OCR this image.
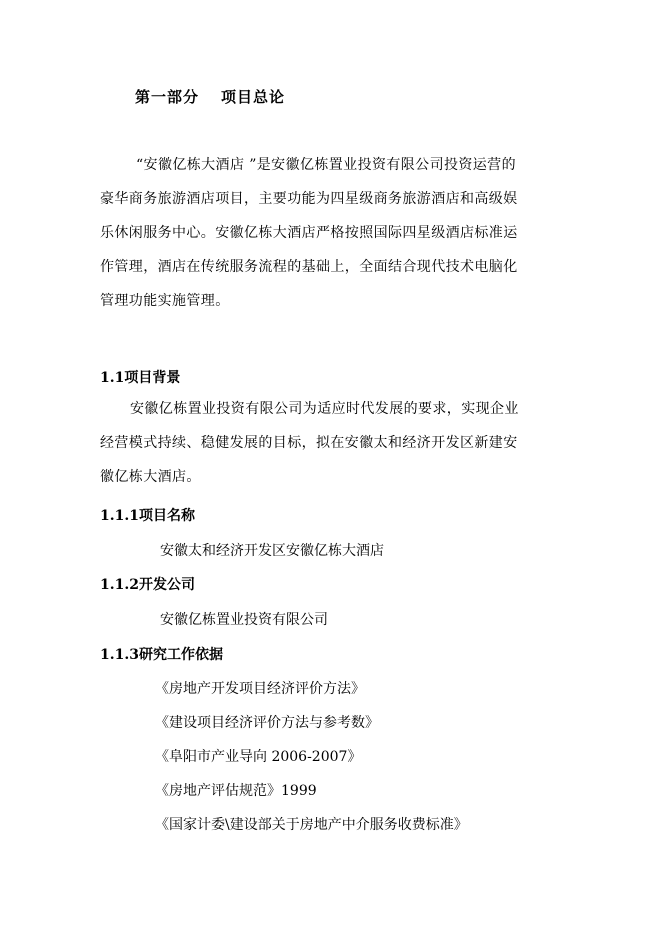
第一部分 项目总论
“安徽亿栋大酒店 ”是安徽亿栋置业投资有限公司投资运营的
豪华商务旅游酒店项目，主要功能为四星级商务旅游酒店和高级娱
乐休闲服务中心。安徽亿栋大酒店严格按照国际四星级酒店标准运
作管理，酒店在传统服务流程的基础上，全面结合现代技术电脑化
管理功能实施管理。
1.1项目背景
安徽亿栋置业投资有限公司为适应时代发展的要求，实现企业
经营模式持续、稳健发展的目标，拟在安徽太和经济开发区新建安
徽亿栋大酒店。
1.1.1项目名称
安徽太和经济开发区安徽亿栋大酒店
1.1.2开发公司
安徽亿栋置业投资有限公司
1.1.3研究工作依据
《房地产开发项目经济评价方法》
《建设项目经济评价方法与参考数》
《阜阳市产业导向 2006-2007》
《房地产评估规范》1999
《国家计委\建设部关于房地产中介服务收费标准》
